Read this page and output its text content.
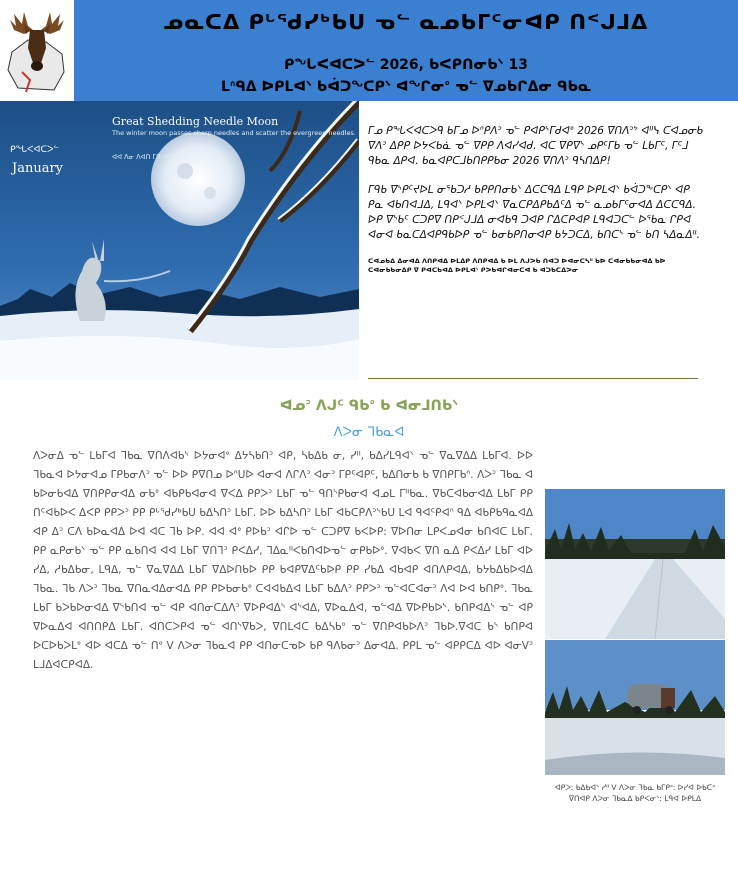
ᓄᓇᑕᐃ ᑭᒡᖁᓯᒃᑲᑌ ᓀᓪ ᓇᓄᑲᒥᑦᓂᐊᑭ ᑎᑉᒍᒧᐃ
ᑭᖓᐸᐊᑕᐳᓪ 2026, ᑲᐸᑭᑎᓂᑲᐠ 13
ᒪᐢᑫᐃ ᐅᑭᒪᐊᐠ ᑲᐋᑐᖕᑕᑭᐠ ᐊᖏᓂᐤ ᓀᓪ ᐁᓄᑲᒋᐃᓂ ᑫᑲᓇ
Great Shedding Needle Moon
The winter moon passes sharp needles and scatter the evergreen needles.
ᐊᐊ ᐱᓂ ᐱᐊᑎ ᒥᑎ ᐊᑎ ᑕᑲᐊ
ᑭᖓᐸᐊᑕᐳᓪ
January

ᒥᓄ ᑭᖓᐸᐊᑕᐳᑫ ᑲᒥᓄ ᐅᐢᑭᐱᐣ ᓀᓪ ᑭᐊᑭᔅᒥᑯᐊᐤ 2026 ᐁᑎᐱᐣᔾ ᐊᐦᓭ ᑕᐊᓄᓂᑲ ᐁᐱᐣ ᐃᑭᑭ ᐅᔭᐸᑲᓈ ᓀᓪ ᐁᑭᑭ ᐱᐊᓯᐊᑯ. ᐊᑕ ᐁᑭᐁᔅ ᓄᑭᑦᒥᑲ ᓀᓪ ᒪᑲᒥᑦ, ᒥᑦᒧ ᑫᑲᓇ ᐃᑭᐊ. ᑲᓇᐊᑭᑕᒧᑲᑎᑭᑭᑲᓂ 2026 ᐁᑎᐱᐣ ᑫᓴᑎᐃᑭ!

ᒥᑫᑲ ᐁᔅᑭᑦᔪᐅᒪ ᓂᖃᑐᓱ ᑲᑭᑭᑎᓂᑲᐠ ᐃᑕᑕᑫᐃ ᒪᑫᑭ ᐅᑭᒪᐊᐠ ᑲᐋᑐᖕᑕᑭᐠ ᐊᑭ ᑭᓇ ᐊᑲᑎᐊᒧᐃ, ᒪᑫᐊᐠ ᐅᑭᒪᐊᐠ ᐁᓇᑕᑭᐃᑭᑲᐃᑦᐃ ᓀᓪ ᓇᓄᑲᒥᑦᓂᐊᐃ ᐃᑕᑕᑫᐃ. ᐅᑭ ᐁᔅᑲᑦ ᑕᑐᑭᐁ ᑎᑭᑉᒍᒧᐃ ᓂᐊᑲᑫ ᑐᐊᑭ ᒋᐃᑕᑭᐊᑭ ᒪᑫᐊᑐᑕᓪ ᐅᖃᓇ ᒋᑭᐊ ᐊᓂᐊ ᑲᓇᑕᐃᐊᑭᑫᑲᐅᑭ ᓀᓪ ᑲᓂᑲᑭᑎᓂᐊᑭ ᑲᔭᑐᑕᐃ, ᑲᑎᑕᔅ ᓀᓪ ᑲᑎ ᓴᐃᓇᐃᐦ.

ᑕᐊᓄᑲᐃ ᐃᓂᐊᐃ ᐱᑎᑭᐊᐃ ᐅᒪᐃᑭ ᐱᑎᑭᐊᐃ ᑲ ᐅᒪ ᐱᒍᐳᑲ ᑎᐊᑐ ᐅᐊᓂᑕᓴᐦ ᑲᐅ ᑕᐊᓂᑲᑲᓂᐊᐃ ᑲᐅ ᑕᐊᓂᑲᑲᓂᐃᑭ ᐁ ᑭᐊᑕᑲᐊᐃ ᐅᑭᒪᐊᐠ ᑭᐳᑲᐊᒋᐊᓂᑕᐊ ᑲ ᐊᑐᑲᑕᐃᐳᓂ

ᐊᓄᐣ ᐱᒍᑦ ᑫᑲᐤ ᑲ ᐊᓂᒧᑎᑲᐠ
ᐱᐳᓂ ᒣᑲᓇᐊ
ᐱᐳᓂᐃ ᓀᓪ ᒪᑲᒥᐊ ᒣᑲᓇ ᐁᑎᐱᐊᑲᔅ ᐅᔭᓂᐊᐤ ᐃᔭᓴᑲᑎᐣ ᐊᑭ, ᓴᑲᐃᑲ ᓂ, ᓯᐦ, ᑲᐃᓯᒪᑫᐊᐠ ᓀᓪ ᐁᓇᐁᐃᐃ ᒪᑲᒥᐊ. ᐅᐅ ᒣᑲᓇᐊ ᐅᔭᓂᐊᓄ ᒥᑭᑲᓂᐱᐣ ᓀᓪ ᐅᐅ ᑭᐁᑎᓄ ᐅᐢᑌᐅ ᐊᓂᐊ ᐱᒋᐱᐣ ᐊᓂᐣ ᒥᑭᑦᐊᑭᑦ, ᑲᐃᑎᓂᑲ ᑲ ᐁᑎᑭᒥᑲᐢ. ᐱᐳᐣ ᒣᑲᓇ ᐊ ᑲᐅᓂᑲᐊᐃ ᐁᑎᑭᑭᓂᐊᐃ ᓂᑲᐤ ᐊᑲᑭᑲᐊᓂᐊ ᐁᐸᐃ ᑭᑭᐳᐣ ᒪᑲᒥ ᓀᓪ ᑫᑎᔅᑭᑲᓂᐊ ᐊᓄᒪ ᒥᐦᑲᓇ. ᐁᑲᑕᐊᑲᓂᐊᐃ ᒪᑲᒥ ᑭᑭ ᑎᑦᐊᑲᐅᐸ ᐃᐸᑭ ᑭᑭᐳᐣ ᑭᑭ ᑭᒡᖁᓯᒃᑲᑌ ᑲᐃᓴᑎᐣ ᒪᑲᒥ. ᐅᐅ ᑲᐃᓴᑎᐣ ᒪᑲᒥ ᐊᑲᑕᑭᐱᐣᔅᑲᑌ ᒪᐊ ᑫᐊᑦᑭᐊᐢ ᑫᐃ ᐊᑲᑭᑲᑫᓇᐊᐃ ᐊᑭ ᐃᐣ ᑕᐱ ᑲᐅᓇᐊᐃ ᐅᐊ ᐊᑕ ᒣᑲ ᐅᑭ. ᐊᐊ ᐊᐤ ᑭᐅᑲᐣ ᐊᒋᐅ ᓀᓪ ᑕᑐᑭᐁ ᑲᐸᐅᑭ: ᐁᐅᑎᓂ ᒪᑭᐸᓄᐊᓂ ᑲᑎᐊᑕ ᒪᑲᒥ. ᑭᑭ ᓇᑭᓂᑲᐠ ᓀᓪ ᑭᑭ ᓇᑲᑎᐊ ᐊᐊ ᒪᑲᒥ ᐁᑎᒣᐣ ᑭᐸᐃᓯ, ᒣᐃᓇᐦᐸᑲᑎᐊᐅᓀᓪ ᓂᑭᑲᐅᐤ. ᐁᐊᑲᐸ ᐁᑎ ᓇᐃ ᑭᐸᐃᓯ ᒪᑲᒥ ᐊᐅ ᓯᐃ, ᓱᑲᐃᑲᓂ, ᒪᑫᐃ, ᓀᓪ ᐁᓇᐁᐃᐃ ᒪᑲᒥ ᐁᐃᐅᑎᑲᐅ ᑭᑭ ᑲᐊᑭᐁᐃᑦᑲᐅᑭ ᑭᑭ ᓯᑲᐃ ᐊᑲᐊᑭ ᐊᑎᐱᑭᐊᐃ, ᑲᔭᑲᐃᑲᐅᐊᐃ ᒣᑲᓇ. ᒣᑲ ᐱᐳᐣ ᒣᑲᓇ ᐁᑎᓇᐊᐃᓂᐊᐃ ᑭᑭ ᑭᐅᑲᓂᑲᐤ ᑕᐊᐊᑲᐃᐊ ᒪᑲᒥ ᑲᐃᐱᐣ ᑭᑭᐳᐣ ᓀᓪᐊᑕᐊᓂᐣ ᐱᐊ ᐅᐊ ᑲᑎᑭᐤ. ᒣᑲᓇ ᒪᑲᒥ ᑲᐳᑲᐅᓂᐊᐃ ᐁᔅᑲᑎᐊ ᓀᓪ ᐊᑭ ᐊᑎᓂᑕᐃᐱᐣ ᐁᐅᑭᐊᐃᔅ ᐊᔅᐊᐃ, ᐁᐅᓇᐃᐊ, ᓀᓪᐊᐃ ᐁᐅᑭᑲᐅᔅ. ᑲᑎᑭᐊᐃᔅ ᓀᓪ ᐊᑭ ᐁᐅᓇᐃᐊ ᐊᑎᑎᑭᐃ ᒪᑲᒥ. ᐊᑎᑕᐳᑭᐊ ᓀᓪ ᐊᑎᔅᐁᑲᐳ, ᐁᑎᒪᐊᑕ ᑲᐃᓴᑲᐤ ᓀᓪ ᐁᑎᑭᐊᑲᐅᐱᐣ ᒣᑲᐅ.ᐁᐊᑕ ᑲᔅ ᑲᑎᑭᐊ ᐅᑕᐅᑲᐳᒪᐤ ᐊᐅ ᐊᑕᐃ ᓀᓪ ᑎᐤ ᐯ ᐱᐳᓂ ᒣᑲᓇᐊ ᑭᑭ ᐊᑎᓂᑕᓀᐅ ᑲᑭ ᑫᐱᑲᓂᐣ ᐃᓂᐊᐃ. ᑭᑭᒪ ᓀᓪ ᐊᑭᑭᑕᐃ ᐊᐅ ᐊᓂᐯᐣ ᒪᒧᐃᐊᑕᑭᐊᐃ.
ᐊᑭᐳ: ᑲᐃᑲᐊᐠ ᓯᐦ ᐯ ᐱᐳᓂ ᒣᑲᓇ ᑲᒥᑭᐣ: ᐅᓯᐊ ᐅᑲᑕᐢ ᐁᑎᐊᑭ ᐱᐳᓂ ᒣᑲᓇᐃ ᑲᑭᐸᓂᐠ: ᒪᑫᐊ ᐅᑭᒪᐃ
